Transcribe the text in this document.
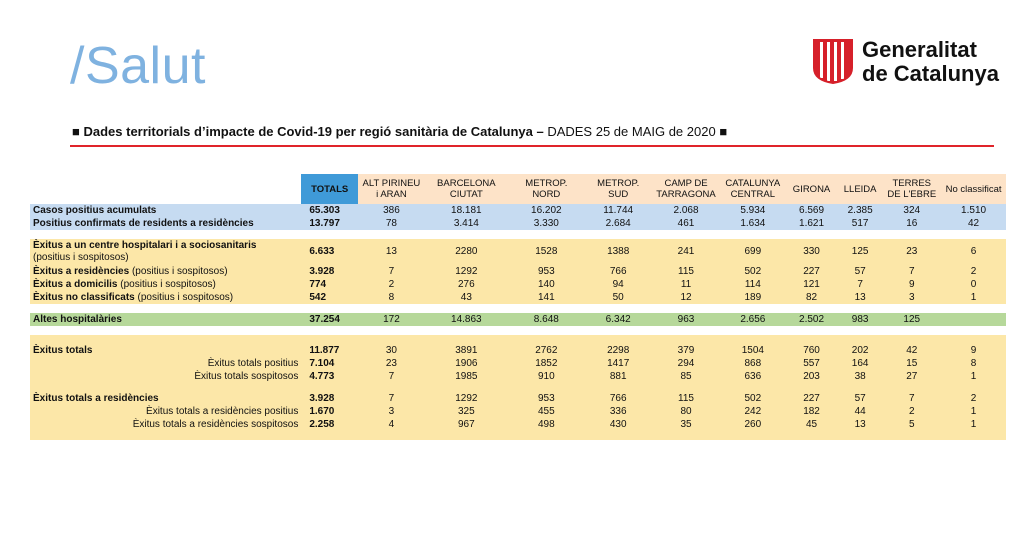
/Salut	Generalitat
de Catalunya
■ Dades territorials d’impacte de Covid-19 per regió sanitària de Catalunya – DADES 25 de MAIG de 2020 ■
	TOTALS	ALT PIRINEU i ARAN	BARCELONA CIUTAT	METROP. NORD	METROP. SUD	CAMP DE TARRAGONA	CATALUNYA CENTRAL	GIRONA	LLEIDA	TERRES DE L'EBRE	No classificat
Casos positius acumulats	65.303	386	18.181	16.202	11.744	2.068	5.934	6.569	2.385	324	1.510
Positius confirmats de residents a residències	13.797	78	3.414	3.330	2.684	461	1.634	1.621	517	16	42

Èxitus a un centre hospitalari i a sociosanitaris
(positius i sospitosos)	6.633	13	2280	1528	1388	241	699	330	125	23	6
Èxitus a residències (positius i sospitosos)	3.928	7	1292	953	766	115	502	227	57	7	2
Èxitus a domicilis (positius i sospitosos)	774	2	276	140	94	11	114	121	7	9	0
Èxitus no classificats (positius i sospitosos)	542	8	43	141	50	12	189	82	13	3	1

Altes hospitalàries	37.254	172	14.863	8.648	6.342	963	2.656	2.502	983	125	

Èxitus totals	11.877	30	3891	2762	2298	379	1504	760	202	42	9
Èxitus totals positius	7.104	23	1906	1852	1417	294	868	557	164	15	8
Èxitus totals sospitosos	4.773	7	1985	910	881	85	636	203	38	27	1

Èxitus totals a residències	3.928	7	1292	953	766	115	502	227	57	7	2
Èxitus totals a residències positius	1.670	3	325	455	336	80	242	182	44	2	1
Èxitus totals a residències sospitosos	2.258	4	967	498	430	35	260	45	13	5	1
